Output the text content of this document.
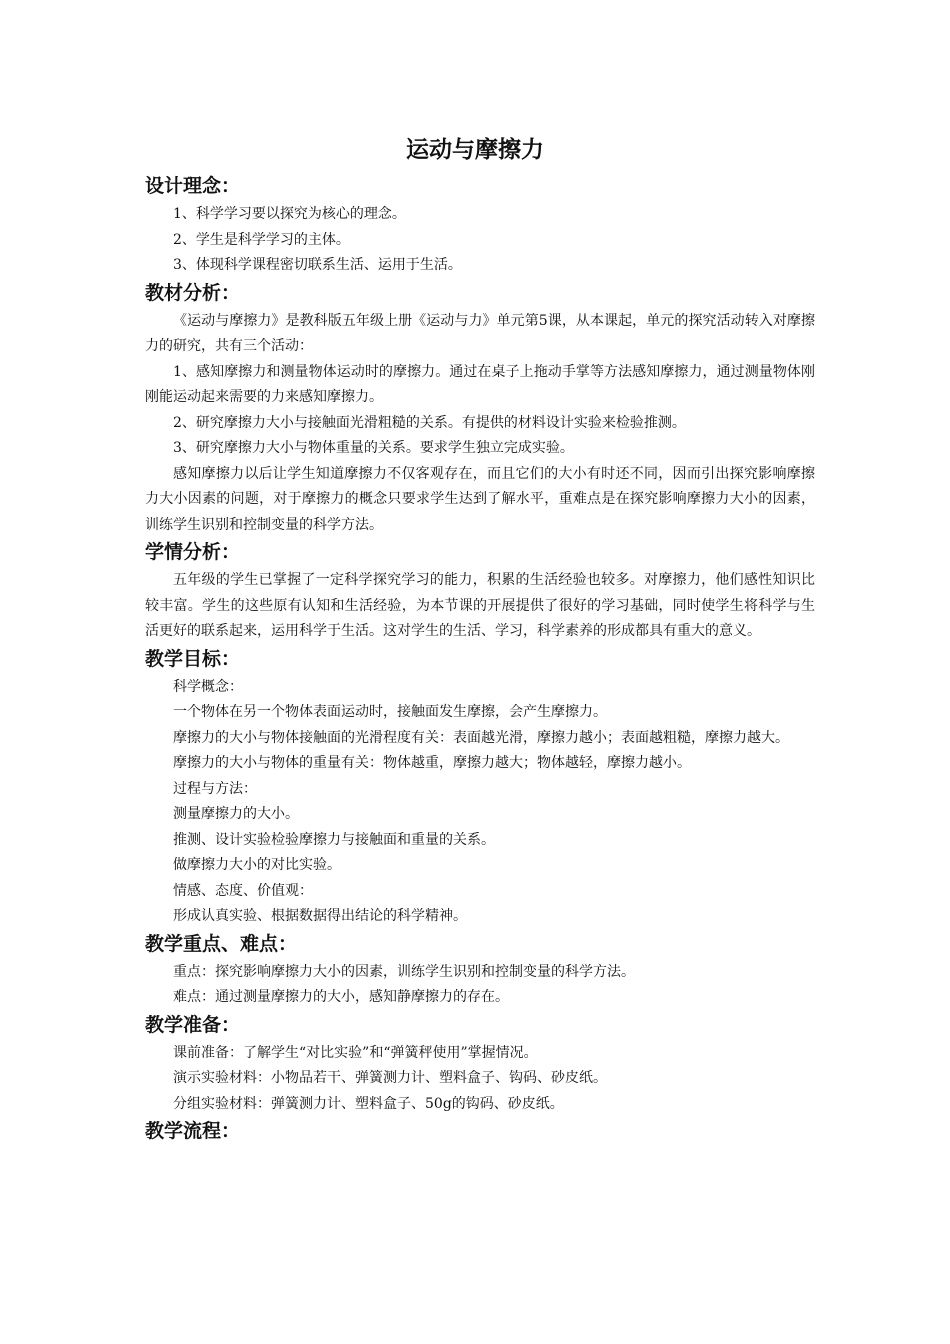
运动与摩擦力
设计理念：

1、科学学习要以探究为核心的理念。

2、学生是科学学习的主体。

3、体现科学课程密切联系生活、运用于生活。

教材分析：

《运动与摩擦力》是教科版五年级上册《运动与力》单元第5课，从本课起，单元的探究活动转入对摩擦力的研究，共有三个活动：

1、感知摩擦力和测量物体运动时的摩擦力。通过在桌子上拖动手掌等方法感知摩擦力，通过测量物体刚刚能运动起来需要的力来感知摩擦力。

2、研究摩擦力大小与接触面光滑粗糙的关系。有提供的材料设计实验来检验推测。

3、研究摩擦力大小与物体重量的关系。要求学生独立完成实验。

感知摩擦力以后让学生知道摩擦力不仅客观存在，而且它们的大小有时还不同，因而引出探究影响摩擦力大小因素的问题，对于摩擦力的概念只要求学生达到了解水平，重难点是在探究影响摩擦力大小的因素，训练学生识别和控制变量的科学方法。

学情分析：

五年级的学生已掌握了一定科学探究学习的能力，积累的生活经验也较多。对摩擦力，他们感性知识比较丰富。学生的这些原有认知和生活经验，为本节课的开展提供了很好的学习基础，同时使学生将科学与生活更好的联系起来，运用科学于生活。这对学生的生活、学习，科学素养的形成都具有重大的意义。

教学目标：

科学概念：

一个物体在另一个物体表面运动时，接触面发生摩擦，会产生摩擦力。

摩擦力的大小与物体接触面的光滑程度有关：表面越光滑，摩擦力越小；表面越粗糙，摩擦力越大。

摩擦力的大小与物体的重量有关：物体越重，摩擦力越大；物体越轻，摩擦力越小。

过程与方法：

测量摩擦力的大小。

推测、设计实验检验摩擦力与接触面和重量的关系。

做摩擦力大小的对比实验。

情感、态度、价值观：

形成认真实验、根据数据得出结论的科学精神。

教学重点、难点：

重点：探究影响摩擦力大小的因素，训练学生识别和控制变量的科学方法。

难点：通过测量摩擦力的大小，感知静摩擦力的存在。

教学准备：

课前准备：了解学生“对比实验”和“弹簧秤使用”掌握情况。

演示实验材料：小物品若干、弹簧测力计、塑料盒子、钩码、砂皮纸。

分组实验材料：弹簧测力计、塑料盒子、50g的钩码、砂皮纸。

教学流程：
